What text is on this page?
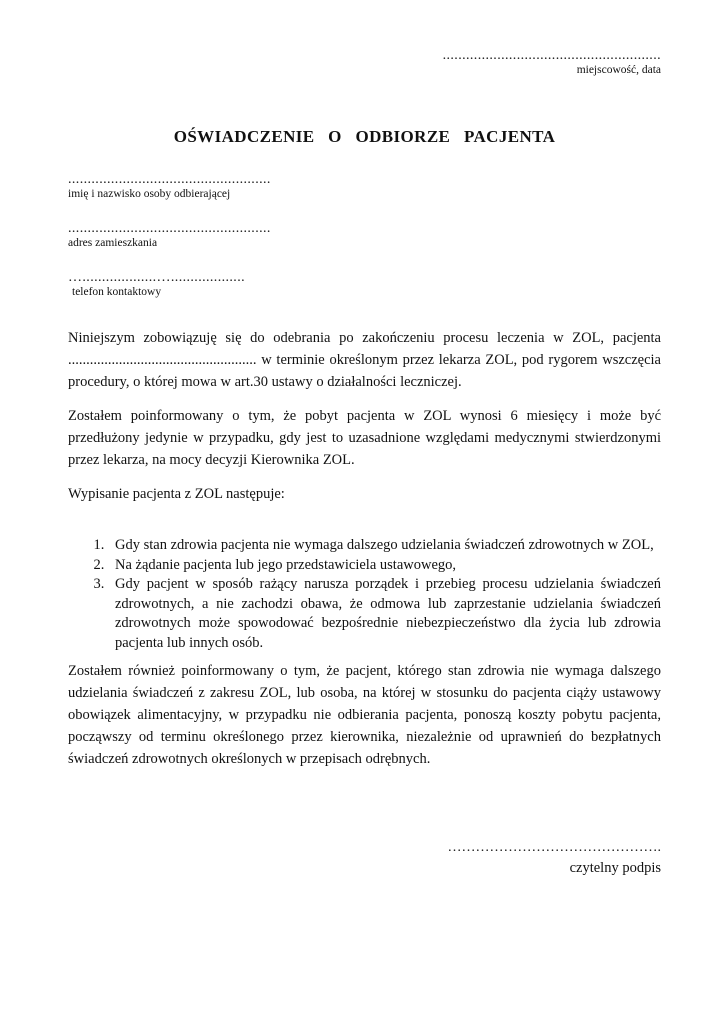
........................................................
miejscowość, data
OŚWIADCZENIE O ODBIORZE PACJENTA
....................................................
imię i nazwisko osoby odbierającej
....................................................
adres zamieszkania
…...................…...................
telefon kontaktowy

Niniejszym zobowiązuję się do odebrania po zakończeniu procesu leczenia w ZOL, pacjenta .................................................... w terminie określonym przez lekarza ZOL, pod rygorem wszczęcia procedury, o której mowa w art.30 ustawy o działalności leczniczej.

Zostałem poinformowany o tym, że pobyt pacjenta w ZOL wynosi 6 miesięcy i może być przedłużony jedynie w przypadku, gdy jest to uzasadnione względami medycznymi stwierdzonymi przez lekarza, na mocy decyzji Kierownika ZOL.

Wypisanie pacjenta z ZOL następuje:

1. Gdy stan zdrowia pacjenta nie wymaga dalszego udzielania świadczeń zdrowotnych w ZOL,
2. Na żądanie pacjenta lub jego przedstawiciela ustawowego,
3. Gdy pacjent w sposób rażący narusza porządek i przebieg procesu udzielania świadczeń zdrowotnych, a nie zachodzi obawa, że odmowa lub zaprzestanie udzielania świadczeń zdrowotnych może spowodować bezpośrednie niebezpieczeństwo dla życia lub zdrowia pacjenta lub innych osób.

Zostałem również poinformowany o tym, że pacjent, którego stan zdrowia nie wymaga dalszego udzielania świadczeń z zakresu ZOL, lub osoba, na której w stosunku do pacjenta ciąży ustawowy obowiązek alimentacyjny, w przypadku nie odbierania pacjenta, ponoszą koszty pobytu pacjenta, począwszy od terminu określonego przez kierownika, niezależnie od uprawnień do bezpłatnych świadczeń zdrowotnych określonych w przepisach odrębnych.

……………………………………….
czytelny podpis
